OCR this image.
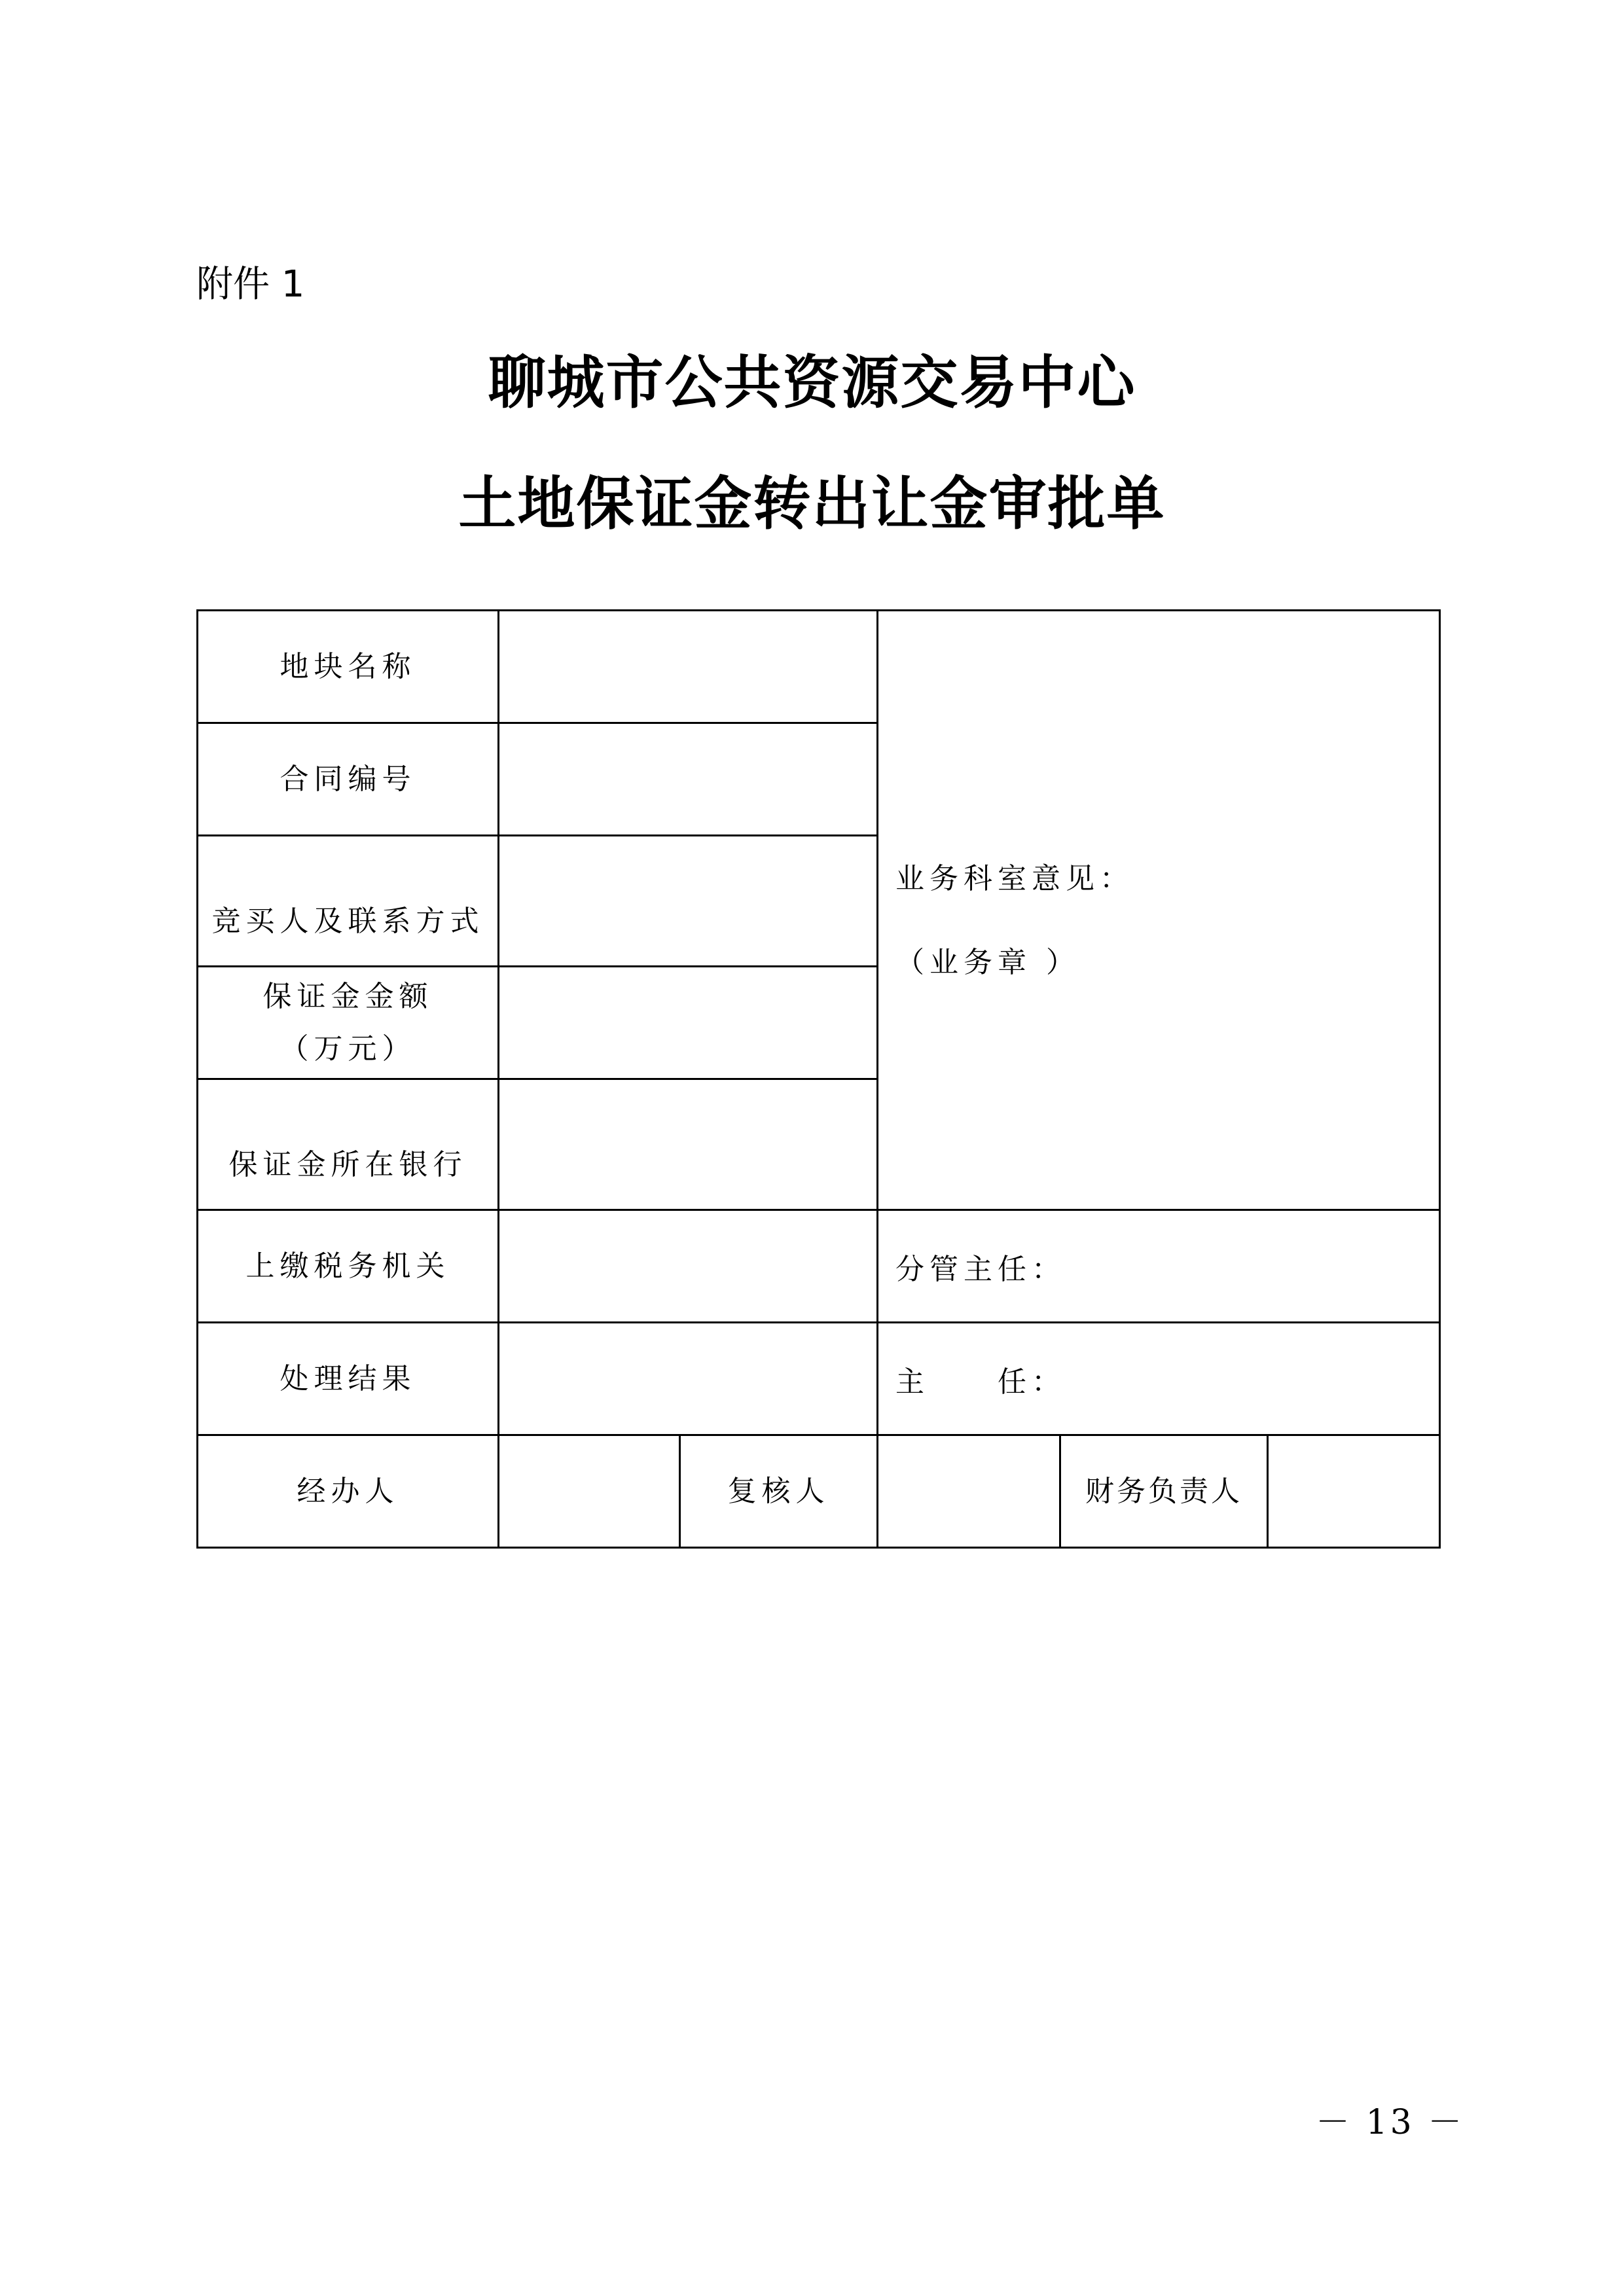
附件 1
聊城市公共资源交易中心
土地保证金转出让金审批单
地块名称			业务科室意见：
（业务章 ）		

合同编号					
竞买人及联系方式					

保证金金额
（万元）					

保证金所在银行					
上缴税务机关			分管主任：		
处理结果			主　　任：		
经办人		复核人		财务负责人	
－ 13 －
